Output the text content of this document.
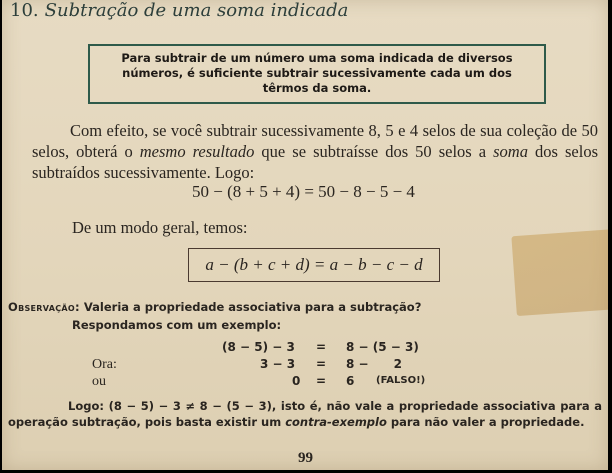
10. Subtração de uma soma indicada
Para subtrair de um número uma soma indicada de diversos números, é suficiente subtrair sucessivamente cada um dos têrmos da soma.
Com efeito, se você subtrair sucessivamente 8, 5 e 4 selos de sua coleção de 50 selos, obterá o mesmo resultado que se subtraísse dos 50 selos a soma dos selos subtraídos sucessivamente. Logo:
50 − (8 + 5 + 4) = 50 − 8 − 5 − 4
De um modo geral, temos:
a − (b + c + d) = a − b − c − d
Observação: Valeria a propriedade associativa para a subtração?
Respondamos com um exemplo:
(8 − 5) − 3 = 8 − (5 − 3)
Ora:	3 − 3 = 8 −      2
ou	0 = 6 (FALSO!)
Logo: (8 − 5) − 3 ≠ 8 − (5 − 3), isto é, não vale a propriedade associativa para a operação subtração, pois basta existir um contra-exemplo para não valer a propriedade.
99
